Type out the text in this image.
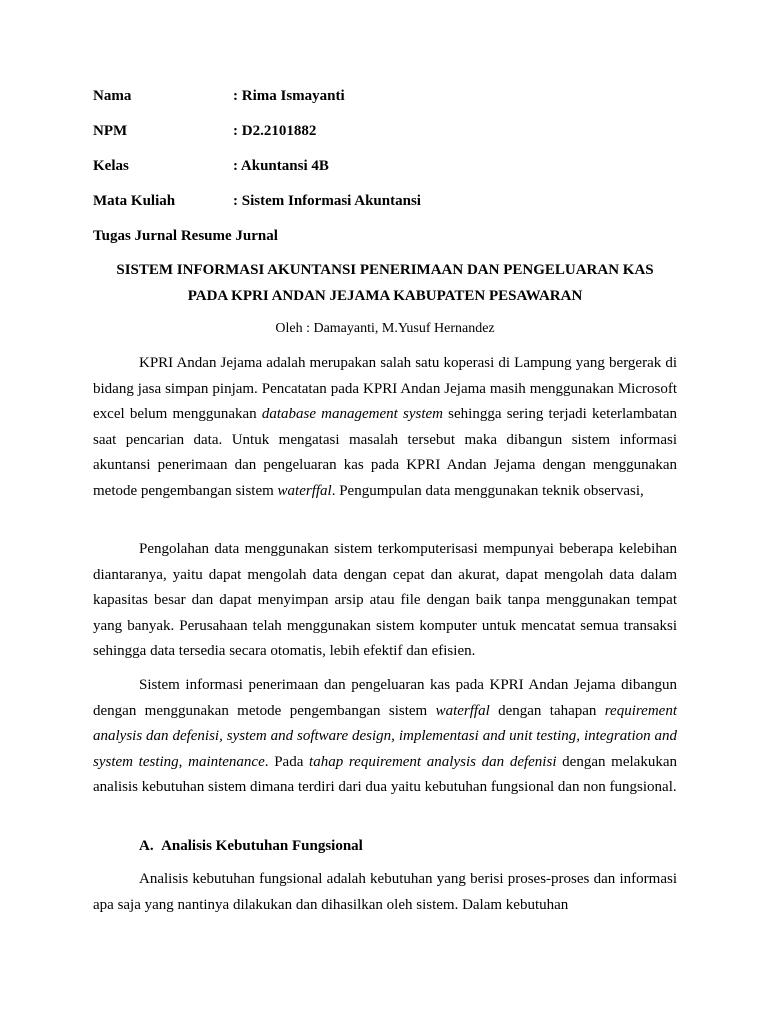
Nama	: Rima Ismayanti
NPM	: D2.2101882
Kelas	: Akuntansi 4B
Mata Kuliah	: Sistem Informasi Akuntansi
Tugas Jurnal Resume Jurnal
SISTEM INFORMASI AKUNTANSI PENERIMAAN DAN PENGELUARAN KAS
PADA KPRI ANDAN JEJAMA KABUPATEN PESAWARAN
Oleh : Damayanti, M.Yusuf Hernandez
KPRI Andan Jejama adalah merupakan salah satu koperasi di Lampung yang bergerak di bidang jasa simpan pinjam. Pencatatan pada KPRI Andan Jejama masih menggunakan Microsoft excel belum menggunakan database management system sehingga sering terjadi keterlambatan saat pencarian data. Untuk mengatasi masalah tersebut maka dibangun sistem informasi akuntansi penerimaan dan pengeluaran kas pada KPRI Andan Jejama dengan menggunakan metode pengembangan sistem waterffal. Pengumpulan data menggunakan teknik observasi,
Pengolahan data menggunakan sistem terkomputerisasi mempunyai beberapa kelebihan diantaranya, yaitu dapat mengolah data dengan cepat dan akurat, dapat mengolah data dalam kapasitas besar dan dapat menyimpan arsip atau file dengan baik tanpa menggunakan tempat yang banyak. Perusahaan telah menggunakan sistem komputer untuk mencatat semua transaksi sehingga data tersedia secara otomatis, lebih efektif dan efisien.
Sistem informasi penerimaan dan pengeluaran kas pada KPRI Andan Jejama dibangun dengan menggunakan metode pengembangan sistem waterffal dengan tahapan requirement analysis dan defenisi, system and software design, implementasi and unit testing, integration and system testing, maintenance. Pada tahap requirement analysis dan defenisi dengan melakukan analisis kebutuhan sistem dimana terdiri dari dua yaitu kebutuhan fungsional dan non fungsional.
A.  Analisis Kebutuhan Fungsional
Analisis kebutuhan fungsional adalah kebutuhan yang berisi proses-proses dan informasi apa saja yang nantinya dilakukan dan dihasilkan oleh sistem. Dalam kebutuhan
